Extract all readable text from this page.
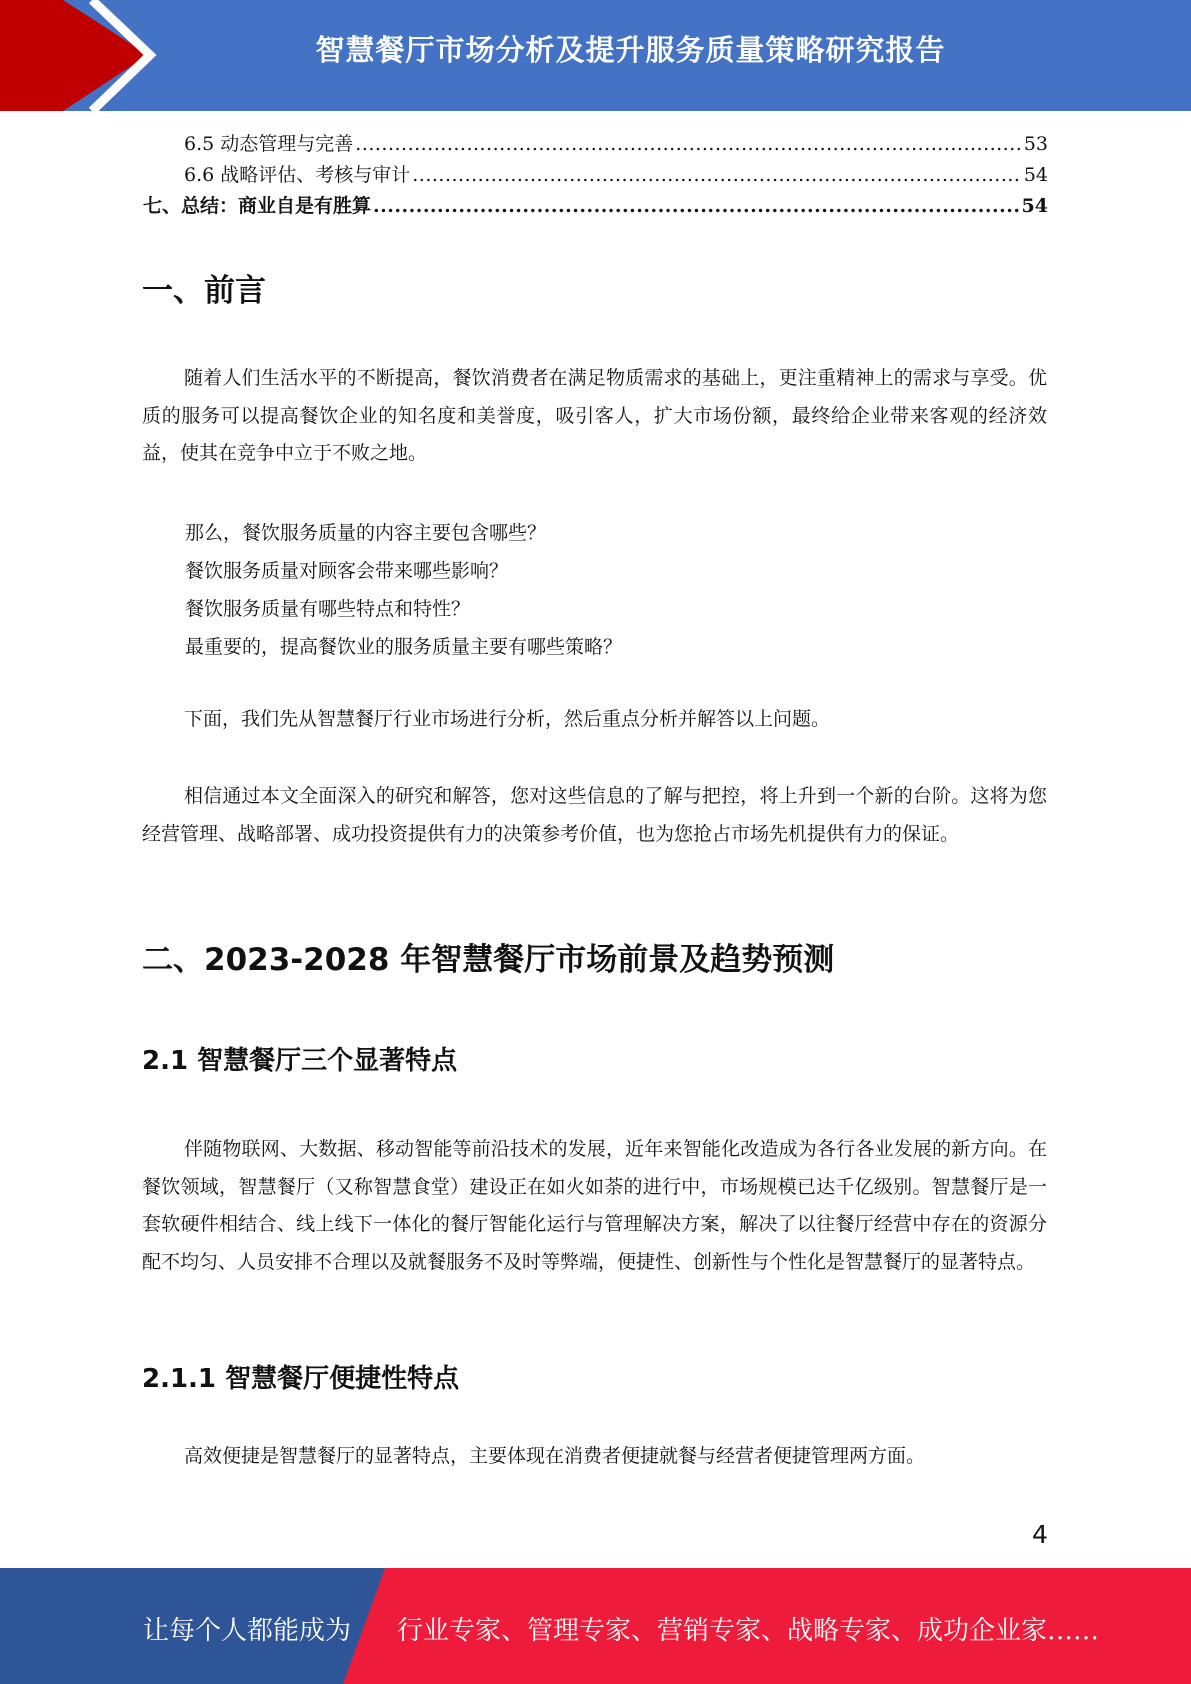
智慧餐厅市场分析及提升服务质量策略研究报告
6.5 动态管理与完善 .....	53
6.6 战略评估、考核与审计 .....	54
七、总结：商业自是有胜算 .....	54
一、前言

随着人们生活水平的不断提高，餐饮消费者在满足物质需求的基础上，更注重精神上的需求与享受。优质的服务可以提高餐饮企业的知名度和美誉度，吸引客人，扩大市场份额，最终给企业带来客观的经济效益，使其在竞争中立于不败之地。

那么，餐饮服务质量的内容主要包含哪些？
餐饮服务质量对顾客会带来哪些影响？
餐饮服务质量有哪些特点和特性？
最重要的，提高餐饮业的服务质量主要有哪些策略？

下面，我们先从智慧餐厅行业市场进行分析，然后重点分析并解答以上问题。

相信通过本文全面深入的研究和解答，您对这些信息的了解与把控，将上升到一个新的台阶。这将为您经营管理、战略部署、成功投资提供有力的决策参考价值，也为您抢占市场先机提供有力的保证。

二、2023-2028 年智慧餐厅市场前景及趋势预测
2.1 智慧餐厅三个显著特点

伴随物联网、大数据、移动智能等前沿技术的发展，近年来智能化改造成为各行各业发展的新方向。在餐饮领域，智慧餐厅（又称智慧食堂）建设正在如火如荼的进行中，市场规模已达千亿级别。智慧餐厅是一套软硬件相结合、线上线下一体化的餐厅智能化运行与管理解决方案，解决了以往餐厅经营中存在的资源分配不均匀、人员安排不合理以及就餐服务不及时等弊端，便捷性、创新性与个性化是智慧餐厅的显著特点。

2.1.1 智慧餐厅便捷性特点

高效便捷是智慧餐厅的显著特点，主要体现在消费者便捷就餐与经营者便捷管理两方面。

4
让每个人都能成为 行业专家、管理专家、营销专家、战略专家、成功企业家……
